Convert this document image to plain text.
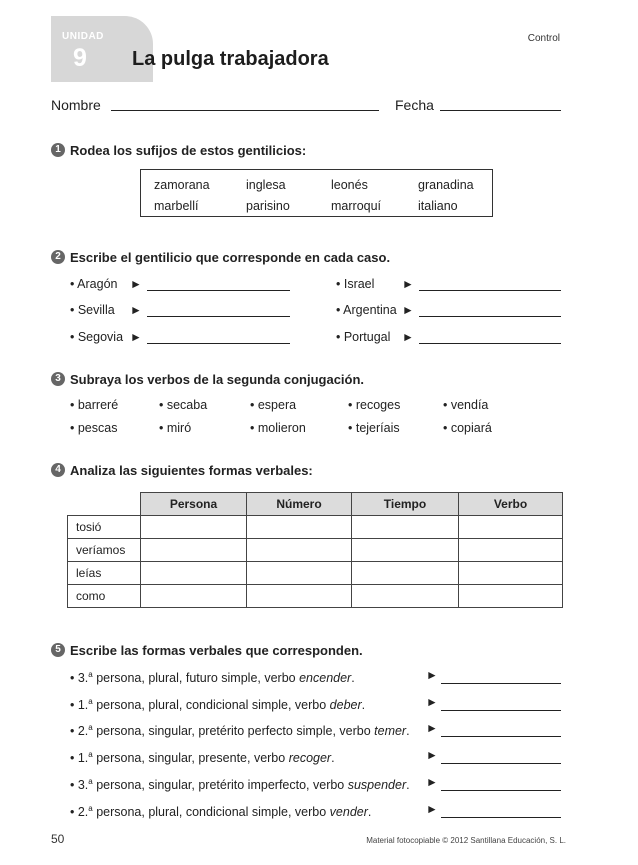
UNIDAD
9 La pulga trabajadora
Control
Nombre	Fecha
1 Rodea los sufijos de estos gentilicios:
zamorana	inglesa	leonés	granadina
marbellí	parisino	marroquí	italiano
2 Escribe el gentilicio que corresponde en cada caso.
• Aragón ►
• Sevilla ►
• Segovia ►
• Israel ►
• Argentina ►
• Portugal ►
3 Subraya los verbos de la segunda conjugación.
• barreré	• secaba	• espera	• recoges	• vendía
• pescas	• miró	• molieron	• tejeríais	• copiará
4 Analiza las siguientes formas verbales:
	Persona	Número	Tiempo	Verbo
tosió				
veríamos				
leías				
como				
5 Escribe las formas verbales que corresponden.
• 3.$^a$ persona, plural, futuro simple, verbo encender.	►
• 1.$^a$ persona, plural, condicional simple, verbo deber.	►
• 2.$^a$ persona, singular, pretérito perfecto simple, verbo temer. ►
• 1.$^a$ persona, singular, presente, verbo recoger.	►
• 3.$^a$ persona, singular, pretérito imperfecto, verbo suspender. ►
• 2.$^a$ persona, plural, condicional simple, verbo vender.	►
50	Material fotocopiable © 2012 Santillana Educación, S. L.
